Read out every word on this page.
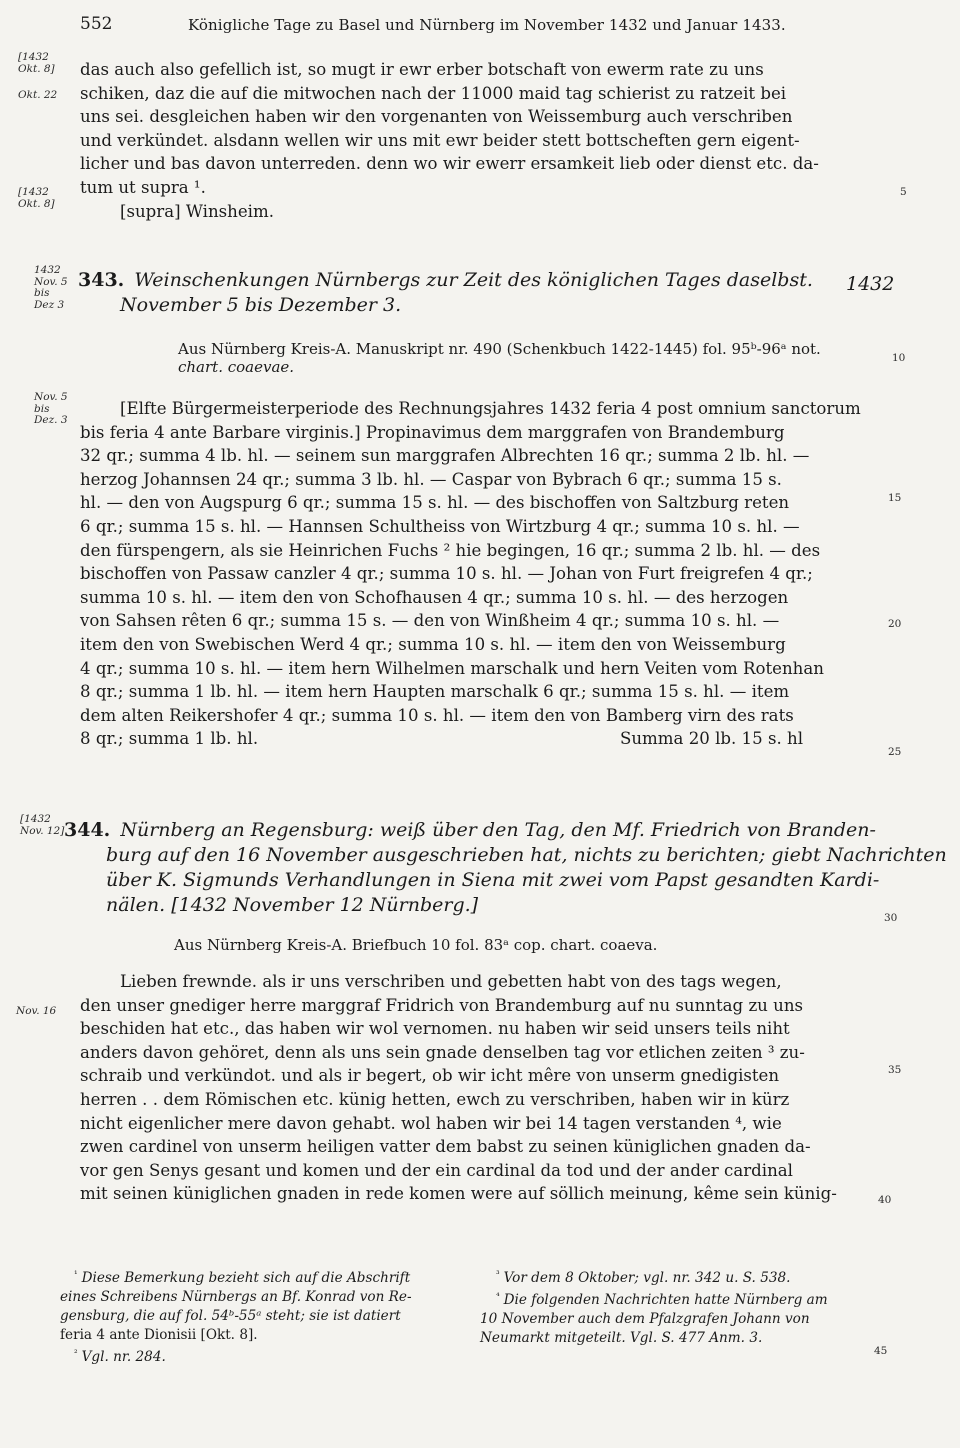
552	Königliche Tage zu Basel und Nürnberg im November 1432 und Januar 1433.
[1432
Okt. 8]
Okt. 22
[1432
Okt. 8]
das auch also gefellich ist, so mugt ir ewr erber botschaft von ewerm rate zu uns
schiken, daz die auf die mitwochen nach der 11000 maid tag schierist zu ratzeit bei
uns sei. desgleichen haben wir den vorgenanten von Weissemburg auch verschriben
und verkündet. alsdann wellen wir uns mit ewr beider stett bottscheften gern eigent-
licher und bas davon unterreden. denn wo wir ewerr ersamkeit lieb oder dienst etc. da-
tum ut supra ¹.
[supra] Winsheim.
5
1432
Nov. 5
bis
Dez 3
343. Weinschenkungen Nürnbergs zur Zeit des königlichen Tages daselbst.
November 5 bis Dezember 3.
1432
Aus Nürnberg Kreis-A. Manuskript nr. 490 (Schenkbuch 1422-1445) fol. 95ᵇ-96ᵃ not.
chart. coaevae.	10
Nov. 5
bis
Dez. 3
[Elfte Bürgermeisterperiode des Rechnungsjahres 1432 feria 4 post omnium sanctorum
bis feria 4 ante Barbare virginis.] Propinavimus dem marggrafen von Brandemburg
32 qr.; summa 4 lb. hl. — seinem sun marggrafen Albrechten 16 qr.; summa 2 lb. hl. —
herzog Johannsen 24 qr.; summa 3 lb. hl. — Caspar von Bybrach 6 qr.; summa 15 s.
hl. — den von Augspurg 6 qr.; summa 15 s. hl. — des bischoffen von Saltzburg reten
6 qr.; summa 15 s. hl. — Hannsen Schultheiss von Wirtzburg 4 qr.; summa 10 s. hl. —
den fürspengern, als sie Heinrichen Fuchs ² hie begingen, 16 qr.; summa 2 lb. hl. — des
bischoffen von Passaw canzler 4 qr.; summa 10 s. hl. — Johan von Furt freigrefen 4 qr.;
summa 10 s. hl. — item den von Schofhausen 4 qr.; summa 10 s. hl. — des herzogen
von Sahsen rêten 6 qr.; summa 15 s. — den von Winßheim 4 qr.; summa 10 s. hl. —
item den von Swebischen Werd 4 qr.; summa 10 s. hl. — item den von Weissemburg
4 qr.; summa 10 s. hl. — item hern Wilhelmen marschalk und hern Veiten vom Rotenhan
8 qr.; summa 1 lb. hl. — item hern Haupten marschalk 6 qr.; summa 15 s. hl. — item
dem alten Reikershofer 4 qr.; summa 10 s. hl. — item den von Bamberg virn des rats
8 qr.; summa 1 lb. hl.	Summa 20 lb. 15 s. hl
15
20
25
[1432
Nov. 12] 344. Nürnberg an Regensburg: weiß über den Tag, den Mf. Friedrich von Branden-
burg auf den 16 November ausgeschrieben hat, nichts zu berichten; giebt Nachrichten
über K. Sigmunds Verhandlungen in Siena mit zwei vom Papst gesandten Kardi-
nälen. [1432 November 12 Nürnberg.]
30
Aus Nürnberg Kreis-A. Briefbuch 10 fol. 83ᵃ cop. chart. coaeva.
Nov. 16
Lieben frewnde. als ir uns verschriben und gebetten habt von des tags wegen,
den unser gnediger herre marggraf Fridrich von Brandemburg auf nu sunntag zu uns
beschiden hat etc., das haben wir wol vernomen. nu haben wir seid unsers teils niht
anders davon gehöret, denn als uns sein gnade denselben tag vor etlichen zeiten ³ zu-
schraib und verkündot. und als ir begert, ob wir icht mêre von unserm gnedigisten
herren . . dem Römischen etc. künig hetten, ewch zu verschriben, haben wir in kürz
nicht eigenlicher mere davon gehabt. wol haben wir bei 14 tagen verstanden ⁴, wie
zwen cardinel von unserm heiligen vatter dem babst zu seinen küniglichen gnaden da-
vor gen Senys gesant und komen und der ein cardinal da tod und der ander cardinal
mit seinen küniglichen gnaden in rede komen were auf söllich meinung, kême sein künig-
35
40
$^{^1}$ Diese Bemerkung bezieht sich auf die Abschrift
eines Schreibens Nürnbergs an Bf. Konrad von Re-
gensburg, die auf fol. 54ᵇ-55ᵃ steht; sie ist datiert
feria 4 ante Dionisii [Okt. 8].
$^{^2}$ Vgl. nr. 284.
$^{^3}$ Vor dem 8 Oktober; vgl. nr. 342 u. S. 538.
$^{^4}$ Die folgenden Nachrichten hatte Nürnberg am
10 November auch dem Pfalzgrafen Johann von
Neumarkt mitgeteilt. Vgl. S. 477 Anm. 3.
45
